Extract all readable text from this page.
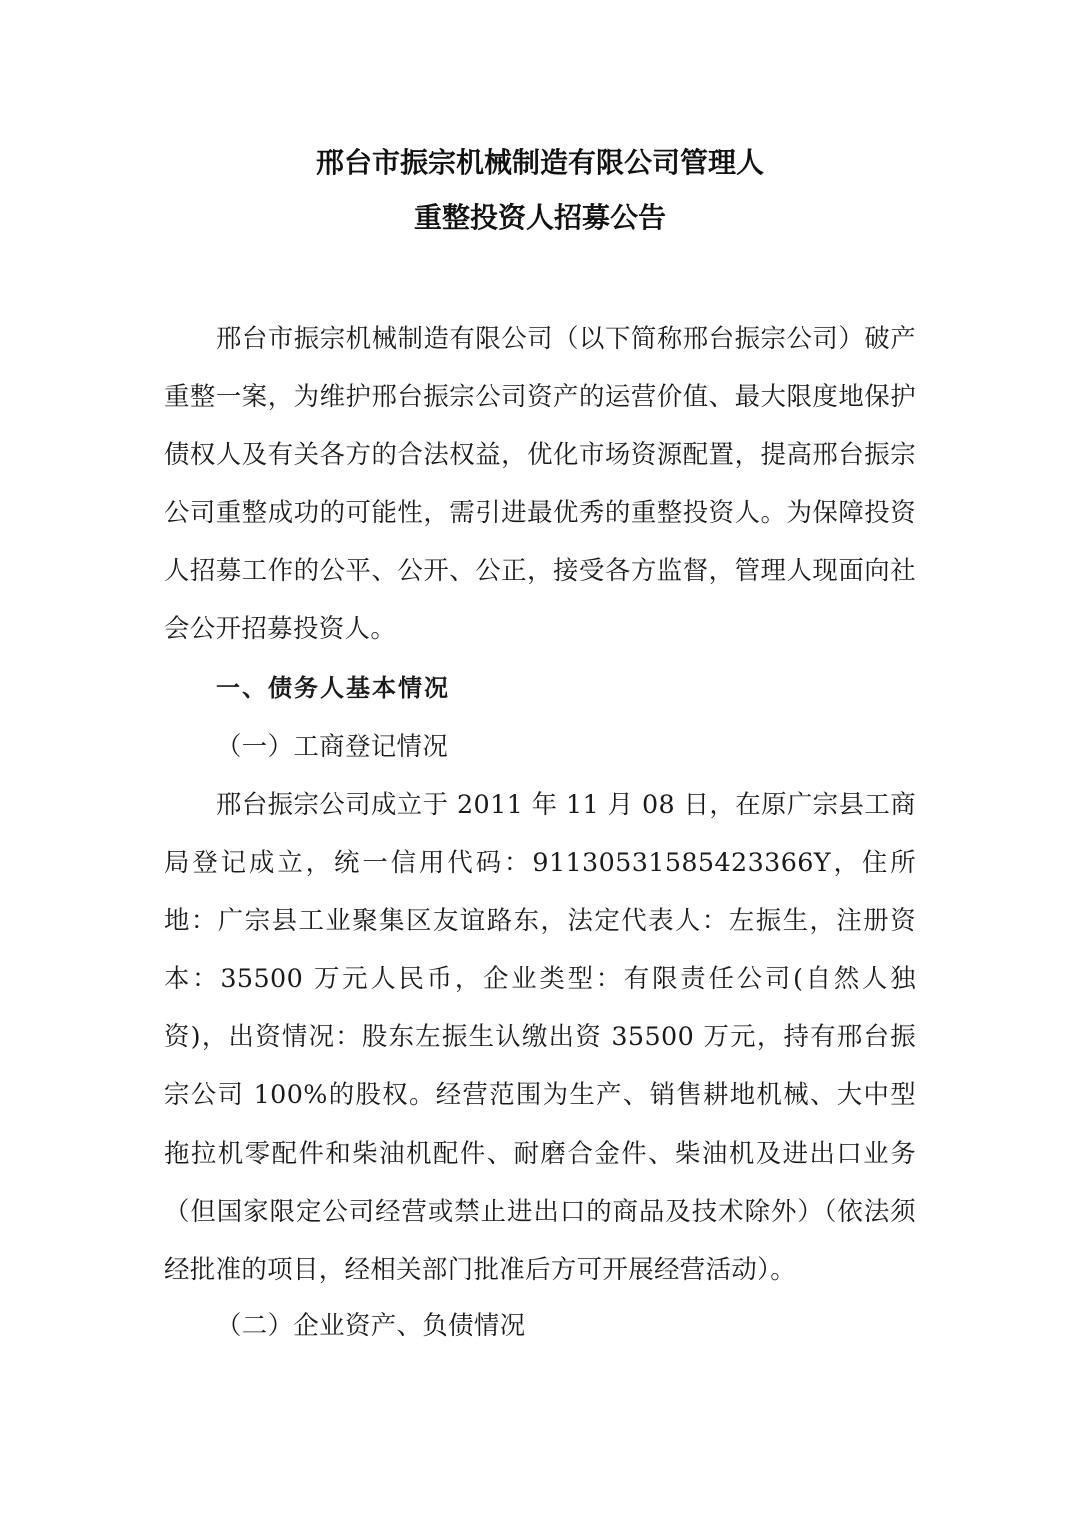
邢台市振宗机械制造有限公司管理人
重整投资人招募公告

邢台市振宗机械制造有限公司（以下简称邢台振宗公司）破产重整一案，为维护邢台振宗公司资产的运营价值、最大限度地保护债权人及有关各方的合法权益，优化市场资源配置，提高邢台振宗公司重整成功的可能性，需引进最优秀的重整投资人。为保障投资人招募工作的公平、公开、公正，接受各方监督，管理人现面向社会公开招募投资人。

一、债务人基本情况

（一）工商登记情况

邢台振宗公司成立于 2011 年 11 月 08 日，在原广宗县工商局登记成立，统一信用代码：91130531585423366Y，住所地：广宗县工业聚集区友谊路东，法定代表人：左振生，注册资本：35500 万元人民币，企业类型：有限责任公司(自然人独资)，出资情况：股东左振生认缴出资 35500 万元，持有邢台振宗公司 100%的股权。经营范围为生产、销售耕地机械、大中型拖拉机零配件和柴油机配件、耐磨合金件、柴油机及进出口业务（但国家限定公司经营或禁止进出口的商品及技术除外）（依法须经批准的项目，经相关部门批准后方可开展经营活动）。

（二）企业资产、负债情况
